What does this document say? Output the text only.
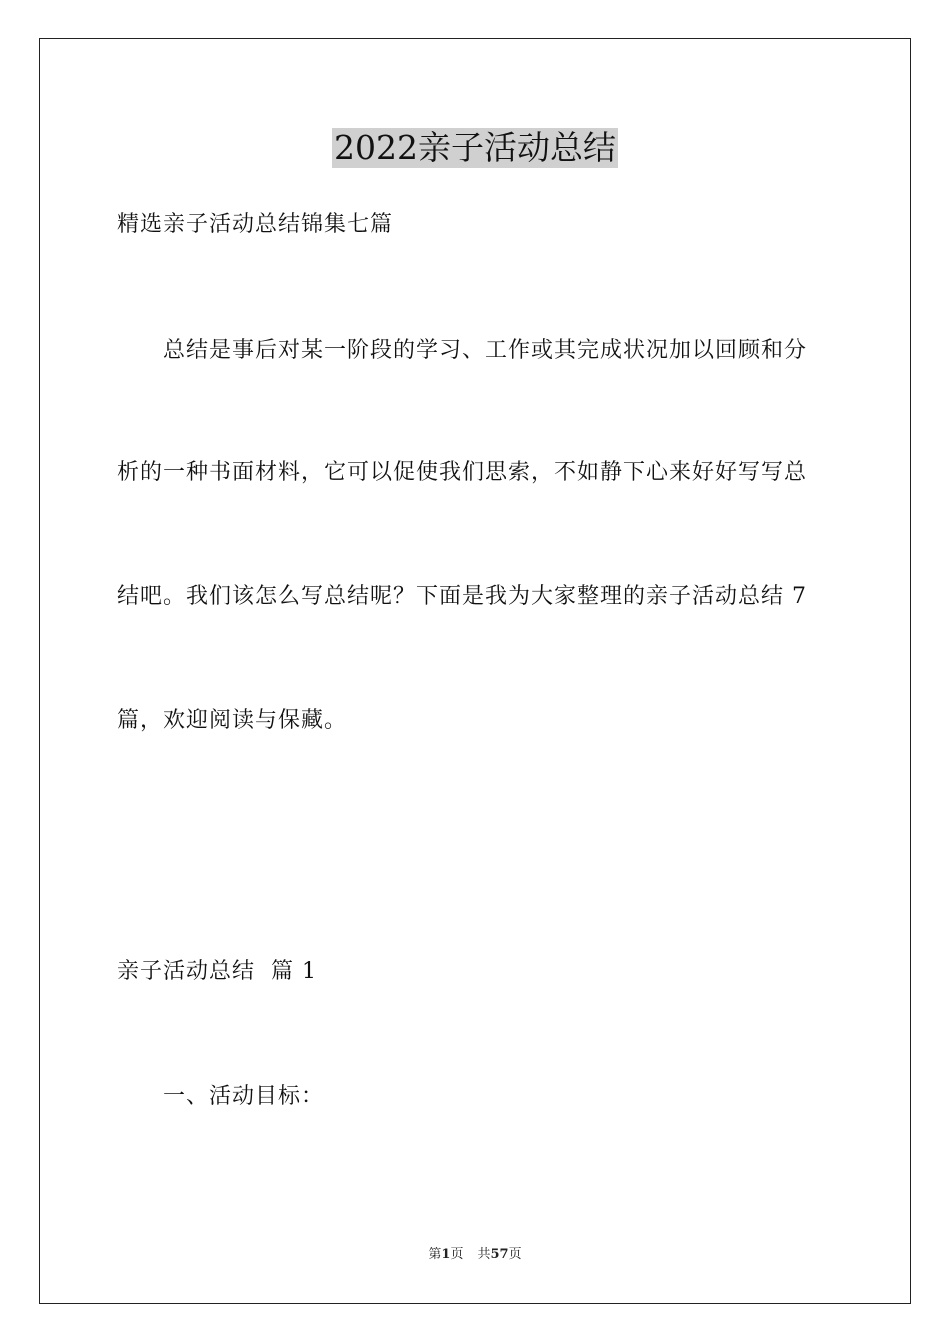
2022亲子活动总结
精选亲子活动总结锦集七篇
总结是事后对某一阶段的学习、工作或其完成状况加以回顾和分
析的一种书面材料，它可以促使我们思索，不如静下心来好好写写总
结吧。我们该怎么写总结呢？下面是我为大家整理的亲子活动总结 7
篇，欢迎阅读与保藏。
亲子活动总结  篇 1
一、活动目标：
第1页 共57页
